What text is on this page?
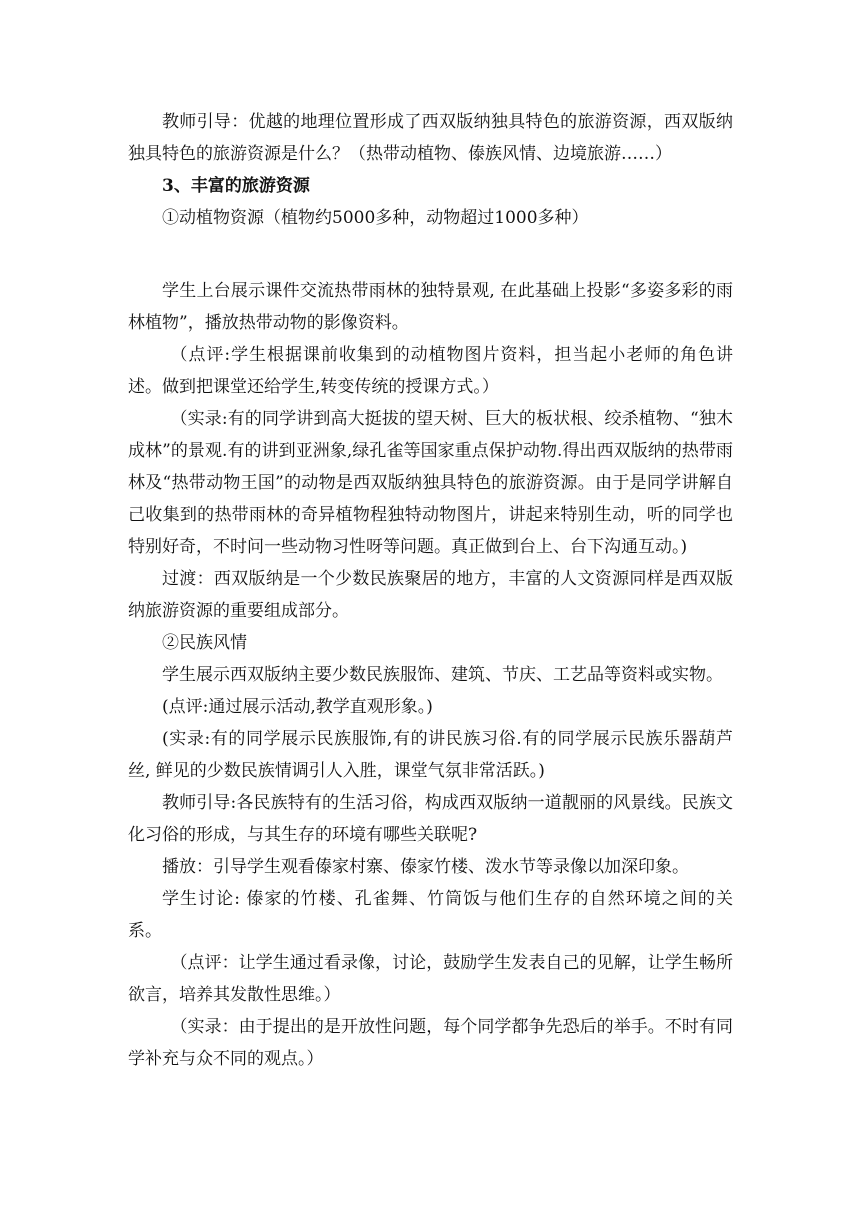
教师引导：优越的地理位置形成了西双版纳独具特色的旅游资源，西双版纳独具特色的旅游资源是什么？（热带动植物、傣族风情、边境旅游……）

3、丰富的旅游资源

①动植物资源（植物约5000多种，动物超过1000多种）

学生上台展示课件交流热带雨林的独特景观, 在此基础上投影“多姿多彩的雨林植物”，播放热带动物的影像资料。

（点评:学生根据课前收集到的动植物图片资料，担当起小老师的角色讲述。做到把课堂还给学生,转变传统的授课方式。）

（实录:有的同学讲到高大挺拔的望天树、巨大的板状根、绞杀植物、“独木成林”的景观.有的讲到亚洲象,绿孔雀等国家重点保护动物.得出西双版纳的热带雨林及“热带动物王国”的动物是西双版纳独具特色的旅游资源。由于是同学讲解自己收集到的热带雨林的奇异植物程独特动物图片，讲起来特别生动，听的同学也特别好奇，不时问一些动物习性呀等问题。真正做到台上、台下沟通互动。)

过渡：西双版纳是一个少数民族聚居的地方，丰富的人文资源同样是西双版纳旅游资源的重要组成部分。

②民族风情

学生展示西双版纳主要少数民族服饰、建筑、节庆、工艺品等资料或实物。

(点评:通过展示活动,教学直观形象。)

(实录:有的同学展示民族服饰,有的讲民族习俗.有的同学展示民族乐器葫芦丝, 鲜见的少数民族情调引人入胜，课堂气氛非常活跃。)

教师引导:各民族特有的生活习俗，构成西双版纳一道靓丽的风景线。民族文化习俗的形成，与其生存的环境有哪些关联呢?

播放：引导学生观看傣家村寨、傣家竹楼、泼水节等录像以加深印象。

学生讨论: 傣家的竹楼、孔雀舞、竹筒饭与他们生存的自然环境之间的关系。

（点评：让学生通过看录像，讨论，鼓励学生发表自己的见解，让学生畅所欲言，培养其发散性思维。）

（实录：由于提出的是开放性问题，每个同学都争先恐后的举手。不时有同学补充与众不同的观点。）
